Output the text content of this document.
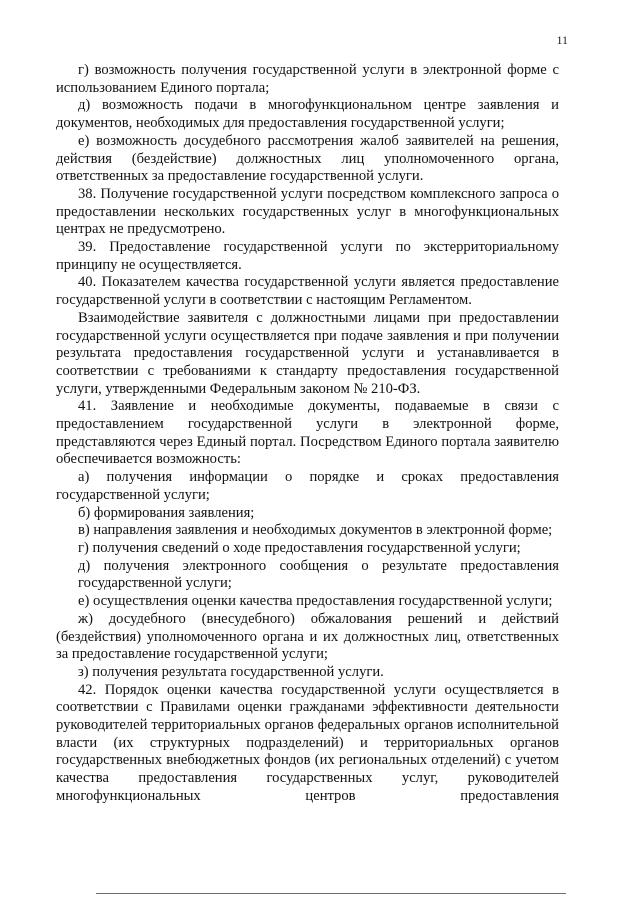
11

г) возможность получения государственной услуги в электронной форме с использованием Единого портала;

д) возможность подачи в многофункциональном центре заявления и документов, необходимых для предоставления государственной услуги;

е) возможность досудебного рассмотрения жалоб заявителей на решения, действия (бездействие) должностных лиц уполномоченного органа, ответственных за предоставление государственной услуги.

38. Получение государственной услуги посредством комплексного запроса о предоставлении нескольких государственных услуг в многофункциональных центрах не предусмотрено.

39. Предоставление государственной услуги по экстерриториальному принципу не осуществляется.

40. Показателем качества государственной услуги является предоставление государственной услуги в соответствии с настоящим Регламентом.

Взаимодействие заявителя с должностными лицами при предоставлении государственной услуги осуществляется при подаче заявления и при получении результата предоставления государственной услуги и устанавливается в соответствии с требованиями к стандарту предоставления государственной услуги, утвержденными Федеральным законом № 210-ФЗ.

41. Заявление и необходимые документы, подаваемые в связи с предоставлением государственной услуги в электронной форме, представляются через Единый портал. Посредством Единого портала заявителю обеспечивается возможность:

а) получения информации о порядке и сроках предоставления государственной услуги;

б) формирования заявления;

в) направления заявления и необходимых документов в электронной форме;

г) получения сведений о ходе предоставления государственной услуги;

д) получения электронного сообщения о результате предоставления государственной услуги;

е) осуществления оценки качества предоставления государственной услуги;

ж) досудебного (внесудебного) обжалования решений и действий (бездействия) уполномоченного органа и их должностных лиц, ответственных за предоставление государственной услуги;

з) получения результата государственной услуги.

42. Порядок оценки качества государственной услуги осуществляется в соответствии с Правилами оценки гражданами эффективности деятельности руководителей территориальных органов федеральных органов исполнительной власти (их структурных подразделений) и территориальных органов государственных внебюджетных фондов (их региональных отделений) с учетом качества предоставления государственных услуг, руководителей многофункциональных центров предоставления
